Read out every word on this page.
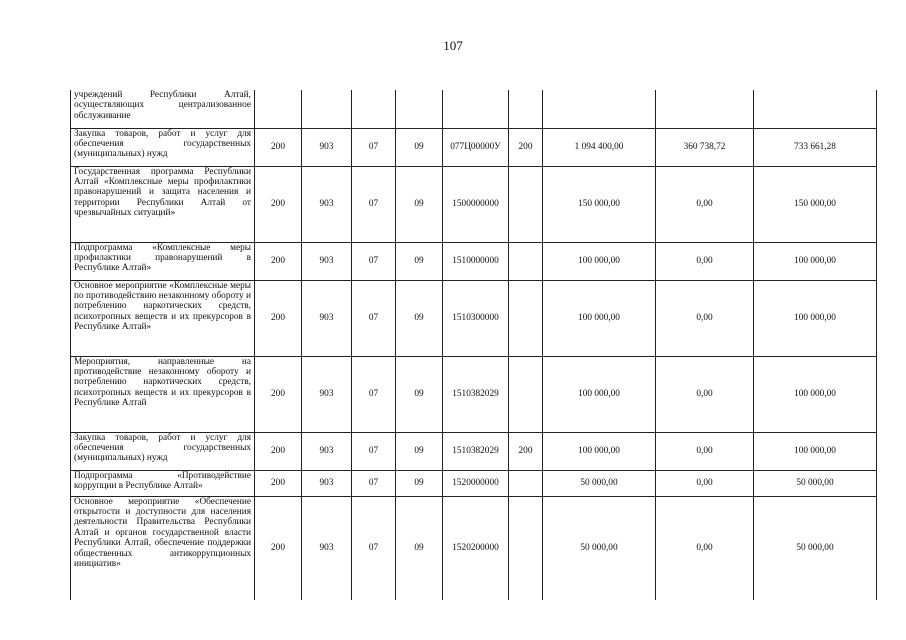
107
учреждений Республики Алтай, осуществляющих централизованное обслуживание									
Закупка товаров, работ и услуг для обеспечения государственных (муниципальных) нужд	200	903	07	09	077Ц00000У	200	1 094 400,00	360 738,72	733 661,28
Государственная программа Республики Алтай «Комплексные меры профилактики правонарушений и защита населения и территории Республики Алтай от чрезвычайных ситуаций»	200	903	07	09	1500000000		150 000,00	0,00	150 000,00
Подпрограмма «Комплексные меры профилактики правонарушений в Республике Алтай»	200	903	07	09	1510000000		100 000,00	0,00	100 000,00
Основное мероприятие «Комплексные меры по противодействию незаконному обороту и потреблению наркотических средств, психотропных веществ и их прекурсоров в Республике Алтай»	200	903	07	09	1510300000		100 000,00	0,00	100 000,00
Мероприятия, направленные на противодействие незаконному обороту и потреблению наркотических средств, психотропных веществ и их прекурсоров в Республике Алтай	200	903	07	09	1510382029		100 000,00	0,00	100 000,00
Закупка товаров, работ и услуг для обеспечения государственных (муниципальных) нужд	200	903	07	09	1510382029	200	100 000,00	0,00	100 000,00
Подпрограмма «Противодействие коррупции в Республике Алтай»	200	903	07	09	1520000000		50 000,00	0,00	50 000,00
Основное мероприятие «Обеспечение открытости и доступности для населения деятельности Правительства Республики Алтай и органов государственной власти Республики Алтай, обеспечение поддержки общественных антикоррупционных инициатив»	200	903	07	09	1520200000		50 000,00	0,00	50 000,00
